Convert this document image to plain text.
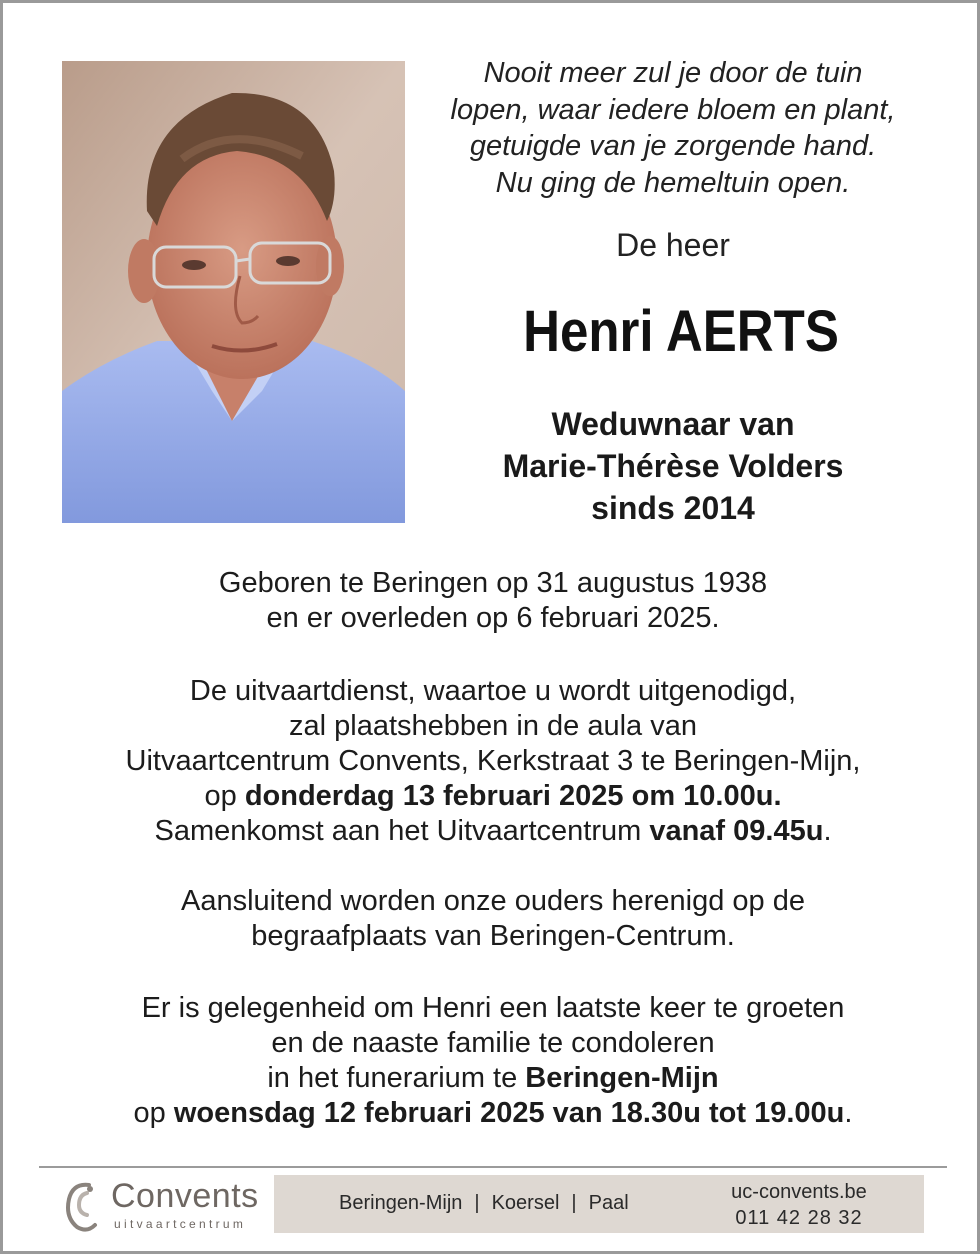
Nooit meer zul je door de tuin
lopen, waar iedere bloem en plant,
getuigde van je zorgende hand.
Nu ging de hemeltuin open.
De heer
Henri AERTS
Weduwnaar van
Marie-Thérèse Volders
sinds 2014
Geboren te Beringen op 31 augustus 1938
en er overleden op 6 februari 2025.
De uitvaartdienst, waartoe u wordt uitgenodigd,
zal plaatshebben in de aula van
Uitvaartcentrum Convents, Kerkstraat 3 te Beringen-Mijn,
op donderdag 13 februari 2025 om 10.00u.
Samenkomst aan het Uitvaartcentrum vanaf 09.45u.
Aansluitend worden onze ouders herenigd op de
begraafplaats van Beringen-Centrum.
Er is gelegenheid om Henri een laatste keer te groeten
en de naaste familie te condoleren
in het funerarium te Beringen-Mijn
op woensdag 12 februari 2025 van 18.30u tot 19.00u.
Convents
uitvaartcentrum
Beringen-Mijn | Koersel | Paal	uc-convents.be
011 42 28 32
